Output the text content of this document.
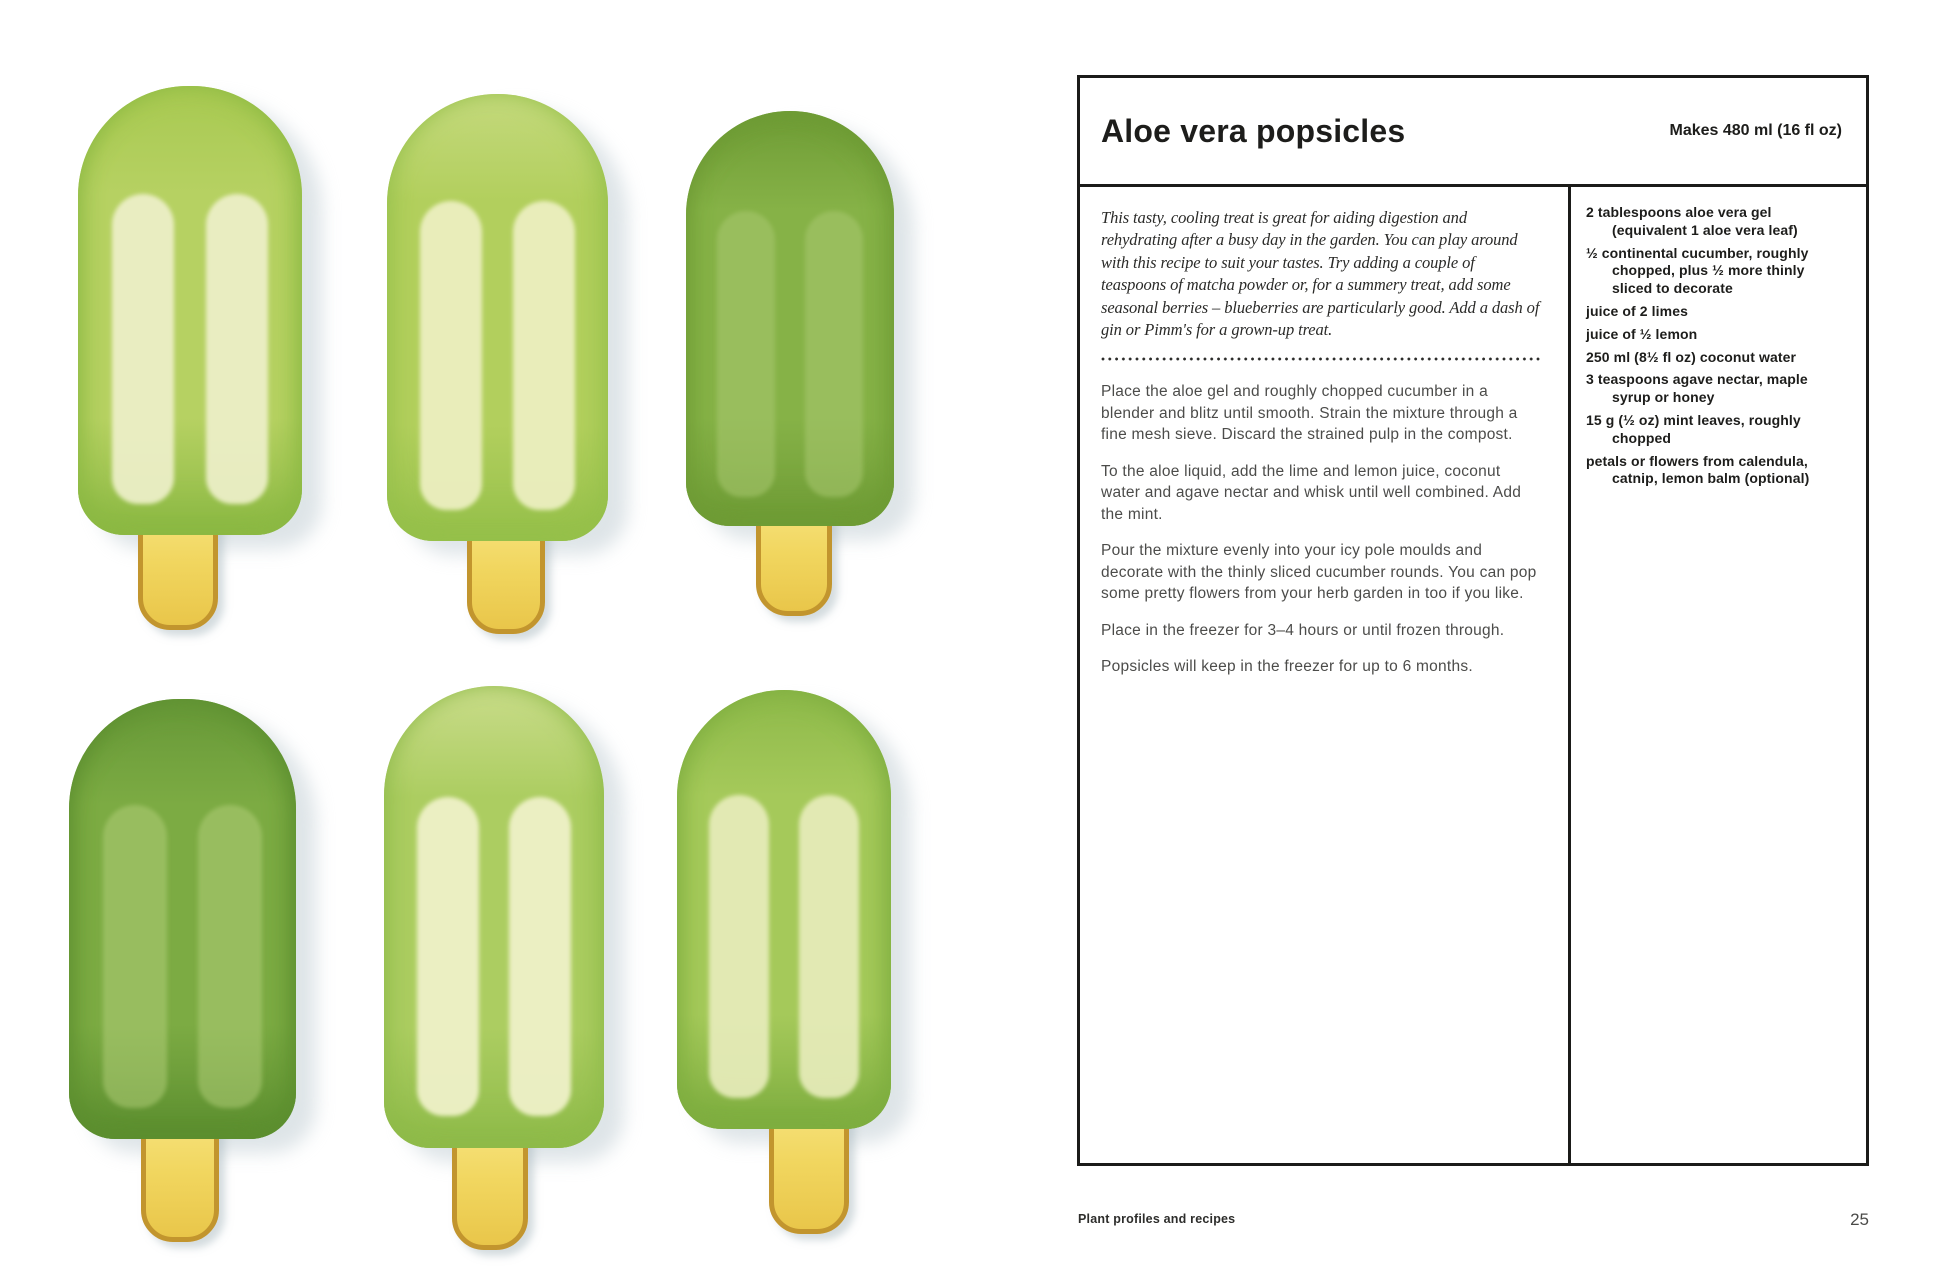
Aloe vera popsicles	Makes 480 ml (16 fl oz)

This tasty, cooling treat is great for aiding digestion and rehydrating after a busy day in the garden. You can play around with this recipe to suit your tastes. Try adding a couple of teaspoons of matcha powder or, for a summery treat, add some seasonal berries – blueberries are particularly good. Add a dash of gin or Pimm's for a grown-up treat.

Place the aloe gel and roughly chopped cucumber in a blender and blitz until smooth. Strain the mixture through a fine mesh sieve. Discard the strained pulp in the compost.

To the aloe liquid, add the lime and lemon juice, coconut water and agave nectar and whisk until well combined. Add the mint.

Pour the mixture evenly into your icy pole moulds and decorate with the thinly sliced cucumber rounds. You can pop some pretty flowers from your herb garden in too if you like.

Place in the freezer for 3–4 hours or until frozen through.

Popsicles will keep in the freezer for up to 6 months.

2 tablespoons aloe vera gel (equivalent 1 aloe vera leaf)
½ continental cucumber, roughly chopped, plus ½ more thinly sliced to decorate
juice of 2 limes
juice of ½ lemon
250 ml (8½ fl oz) coconut water
3 teaspoons agave nectar, maple syrup or honey
15 g (½ oz) mint leaves, roughly chopped
petals or flowers from calendula, catnip, lemon balm (optional)
Plant profiles and recipes	25
